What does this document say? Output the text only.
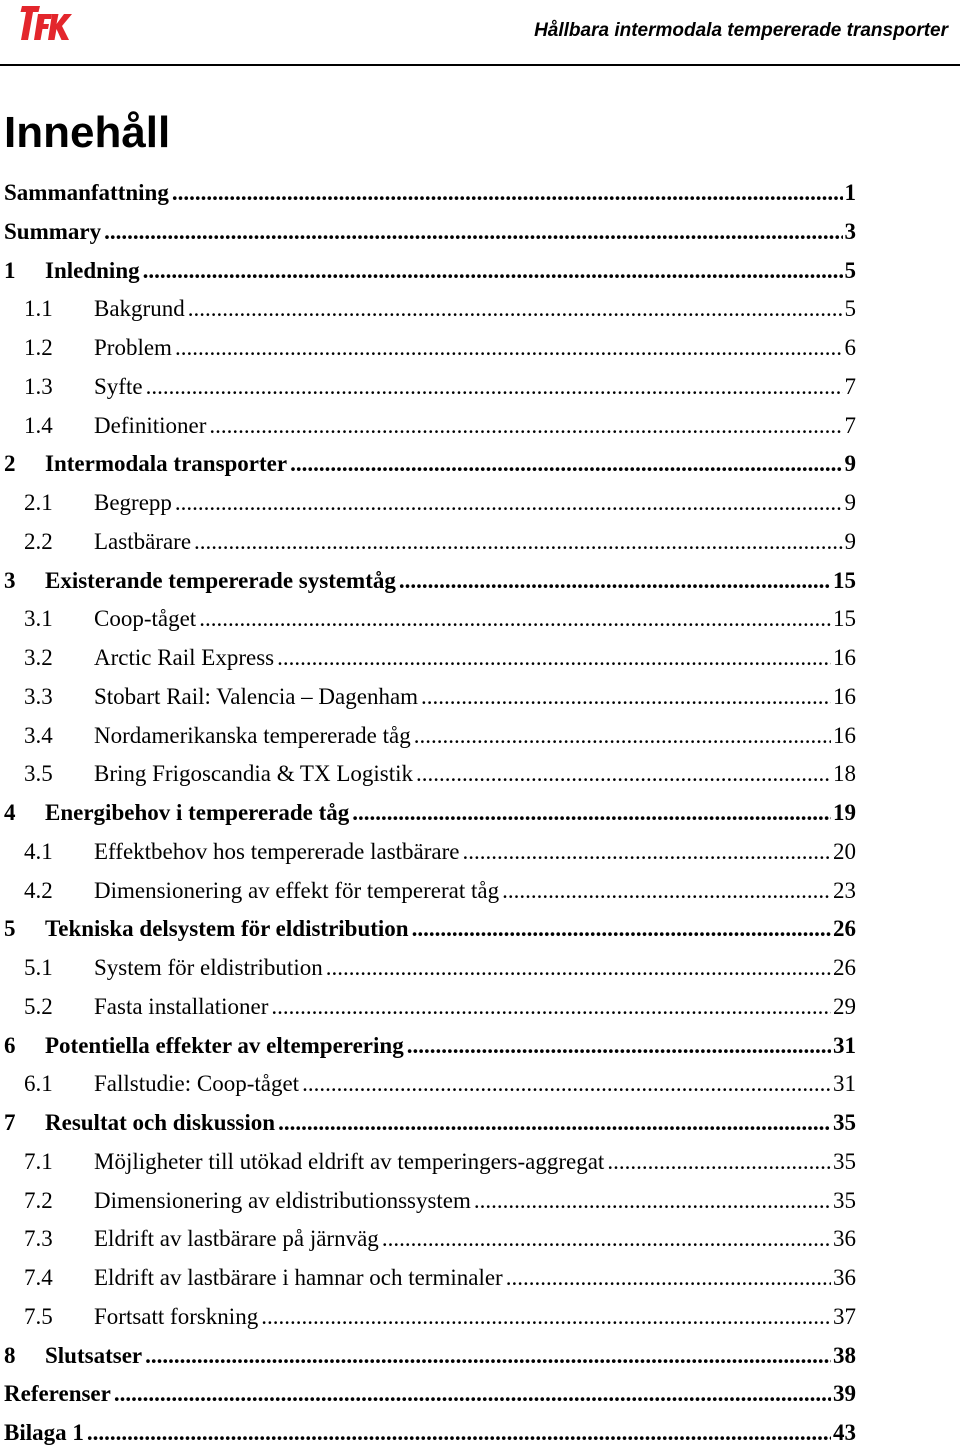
TFK
Hållbara intermodala tempererade transporter
Innehåll
Sammanfattning .....	1
Summary .....	3
1	Inledning .....	5
1.1	Bakgrund .....	5
1.2	Problem .....	6
1.3	Syfte .....	7
1.4	Definitioner .....	7
2	Intermodala transporter .....	9
2.1	Begrepp .....	9
2.2	Lastbärare .....	9
3	Existerande tempererade systemtåg .....	15
3.1	Coop-tåget .....	15
3.2	Arctic Rail Express .....	16
3.3	Stobart Rail: Valencia – Dagenham .....	16
3.4	Nordamerikanska tempererade tåg .....	16
3.5	Bring Frigoscandia & TX Logistik .....	18
4	Energibehov i tempererade tåg .....	19
4.1	Effektbehov hos tempererade lastbärare .....	20
4.2	Dimensionering av effekt för tempererat tåg .....	23
5	Tekniska delsystem för eldistribution .....	26
5.1	System för eldistribution .....	26
5.2	Fasta installationer .....	29
6	Potentiella effekter av eltemperering .....	31
6.1	Fallstudie: Coop-tåget .....	31
7	Resultat och diskussion .....	35
7.1	Möjligheter till utökad eldrift av temperingers-aggregat .....	35
7.2	Dimensionering av eldistributionssystem .....	35
7.3	Eldrift av lastbärare på järnväg .....	36
7.4	Eldrift av lastbärare i hamnar och terminaler .....	36
7.5	Fortsatt forskning .....	37
8	Slutsatser .....	38
Referenser .....	39
Bilaga 1 .....	43
